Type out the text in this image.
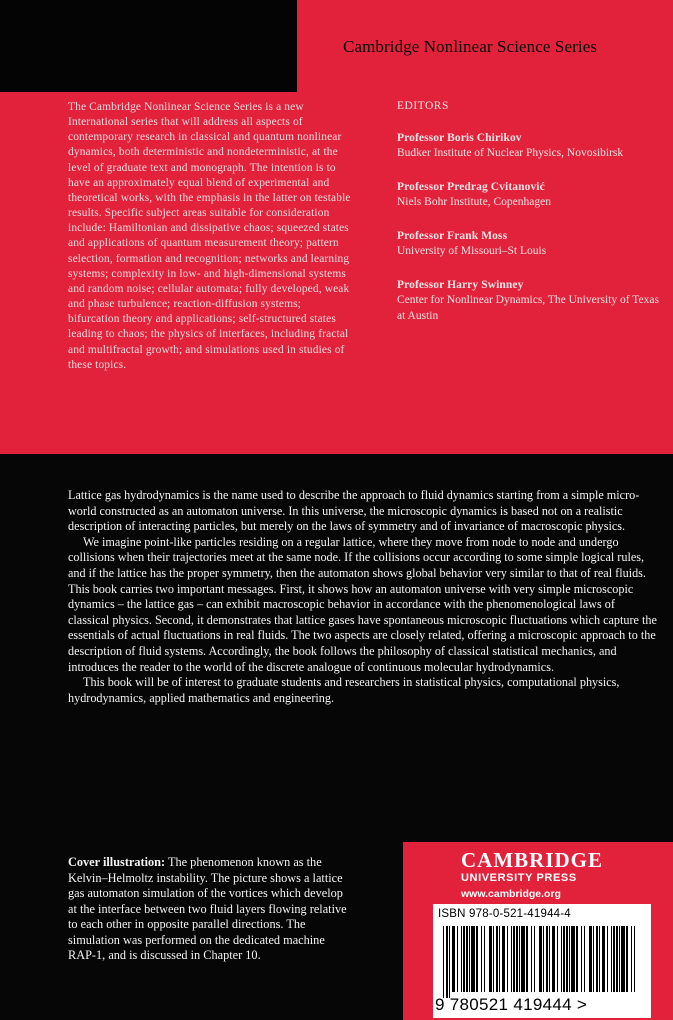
Cambridge Nonlinear Science Series

The Cambridge Nonlinear Science Series is a new International series that will address all aspects of contemporary research in classical and quantum nonlinear dynamics, both deterministic and nondeterministic, at the level of graduate text and monograph. The intention is to have an approximately equal blend of experimental and theoretical works, with the emphasis in the latter on testable results. Specific subject areas suitable for consideration include: Hamiltonian and dissipative chaos; squeezed states and applications of quantum measurement theory; pattern selection, formation and recognition; networks and learning systems; complexity in low- and high-dimensional systems and random noise; cellular automata; fully developed, weak and phase turbulence; reaction-diffusion systems; bifurcation theory and applications; self-structured states leading to chaos; the physics of interfaces, including fractal and multifractal growth; and simulations used in studies of these topics.

EDITORS
Professor Boris Chirikov
Budker Institute of Nuclear Physics, Novosibirsk
Professor Predrag Cvitanović
Niels Bohr Institute, Copenhagen
Professor Frank Moss
University of Missouri–St Louis
Professor Harry Swinney
Center for Nonlinear Dynamics, The University of Texas at Austin

Lattice gas hydrodynamics is the name used to describe the approach to fluid dynamics starting from a simple micro-world constructed as an automaton universe. In this universe, the microscopic dynamics is based not on a realistic description of interacting particles, but merely on the laws of symmetry and of invariance of macroscopic physics.

We imagine point-like particles residing on a regular lattice, where they move from node to node and undergo collisions when their trajectories meet at the same node. If the collisions occur according to some simple logical rules, and if the lattice has the proper symmetry, then the automaton shows global behavior very similar to that of real fluids. This book carries two important messages. First, it shows how an automaton universe with very simple microscopic dynamics – the lattice gas – can exhibit macroscopic behavior in accordance with the phenomenological laws of classical physics. Second, it demonstrates that lattice gases have spontaneous microscopic fluctuations which capture the essentials of actual fluctuations in real fluids. The two aspects are closely related, offering a microscopic approach to the description of fluid systems. Accordingly, the book follows the philosophy of classical statistical mechanics, and introduces the reader to the world of the discrete analogue of continuous molecular hydrodynamics.

This book will be of interest to graduate students and researchers in statistical physics, computational physics, hydrodynamics, applied mathematics and engineering.

Cover illustration: The phenomenon known as the Kelvin–Helmoltz instability. The picture shows a lattice gas automaton simulation of the vortices which develop at the interface between two fluid layers flowing relative to each other in opposite parallel directions. The simulation was performed on the dedicated machine RAP-1, and is discussed in Chapter 10.

CAMBRIDGE

UNIVERSITY PRESS

www.cambridge.org

ISBN 978-0-521-41944-4

9 780521 419444 >
